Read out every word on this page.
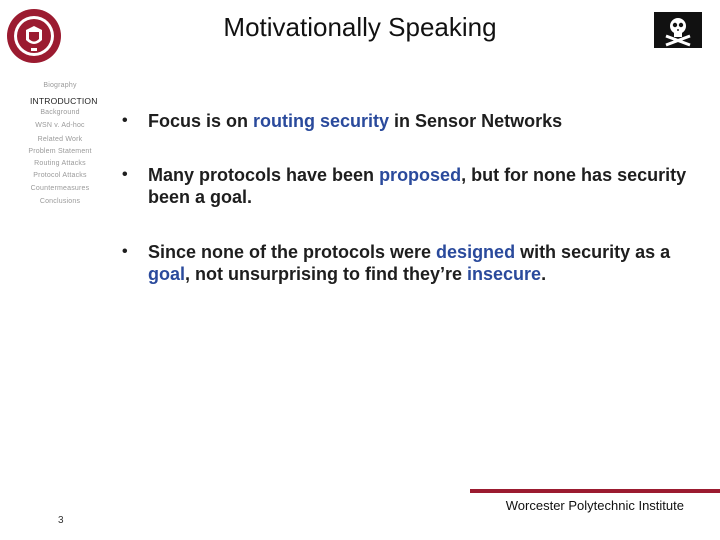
Motivationally Speaking
Biography
INTRODUCTION
Background
WSN v. Ad-hoc
Related Work
Problem Statement
Routing Attacks
Protocol Attacks
Countermeasures
Conclusions
• Focus is on routing security in Sensor Networks
• Many protocols have been proposed, but for none has security been a goal.
• Since none of the protocols were designed with security as a goal, not unsurprising to find they’re insecure.
Worcester Polytechnic Institute
3
